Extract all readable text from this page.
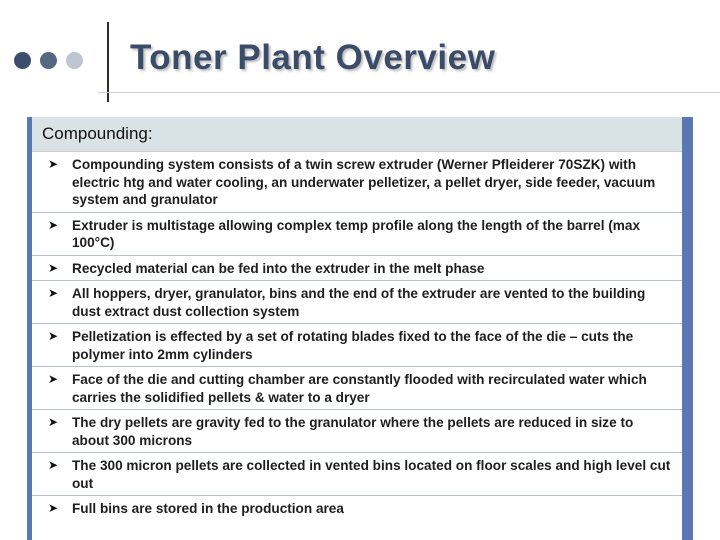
Toner Plant Overview
Compounding:
➤	Compounding system consists of a twin screw extruder (Werner Pfleiderer 70SZK) with electric htg and water cooling, an underwater pelletizer, a pellet dryer, side feeder, vacuum system and granulator
➤	Extruder is multistage allowing complex temp profile along the length of the barrel (max 100°C)
➤	Recycled material can be fed into the extruder in the melt phase
➤	All hoppers, dryer, granulator, bins and the end of the extruder are vented to the building dust extract dust collection system
➤	Pelletization is effected by a set of rotating blades fixed to the face of the die – cuts the polymer into 2mm cylinders
➤	Face of the die and cutting chamber are constantly flooded with recirculated water which carries the solidified pellets & water to a dryer
➤	The dry pellets are gravity fed to the granulator where the pellets are reduced in size to about 300 microns
➤	The 300 micron pellets are collected in vented bins located on floor scales and high level cut out
➤	Full bins are stored in the production area
